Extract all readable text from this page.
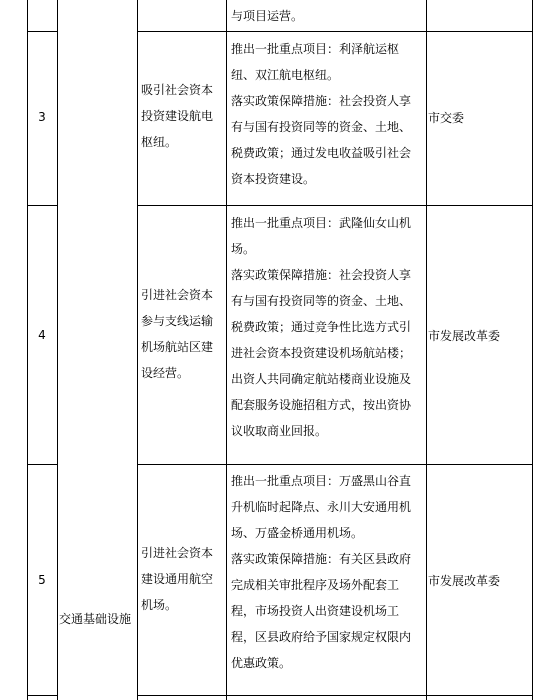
与项目运营。
3
吸引社会资本
投资建设航电
枢纽。
推出一批重点项目：利泽航运枢
纽、双江航电枢纽。
落实政策保障措施：社会投资人享
有与国有投资同等的资金、土地、
税费政策；通过发电收益吸引社会
资本投资建设。
市交委
4
引进社会资本
参与支线运输
机场航站区建
设经营。
推出一批重点项目：武隆仙女山机
场。
落实政策保障措施：社会投资人享
有与国有投资同等的资金、土地、
税费政策；通过竞争性比选方式引
进社会资本投资建设机场航站楼；
出资人共同确定航站楼商业设施及
配套服务设施招租方式，按出资协
议收取商业回报。
市发展改革委
5
引进社会资本
建设通用航空
机场。
推出一批重点项目：万盛黑山谷直
升机临时起降点、永川大安通用机
场、万盛金桥通用机场。
落实政策保障措施：有关区县政府
完成相关审批程序及场外配套工
程，市场投资人出资建设机场工
程，区县政府给予国家规定权限内
优惠政策。
市发展改革委
交通基础设施
